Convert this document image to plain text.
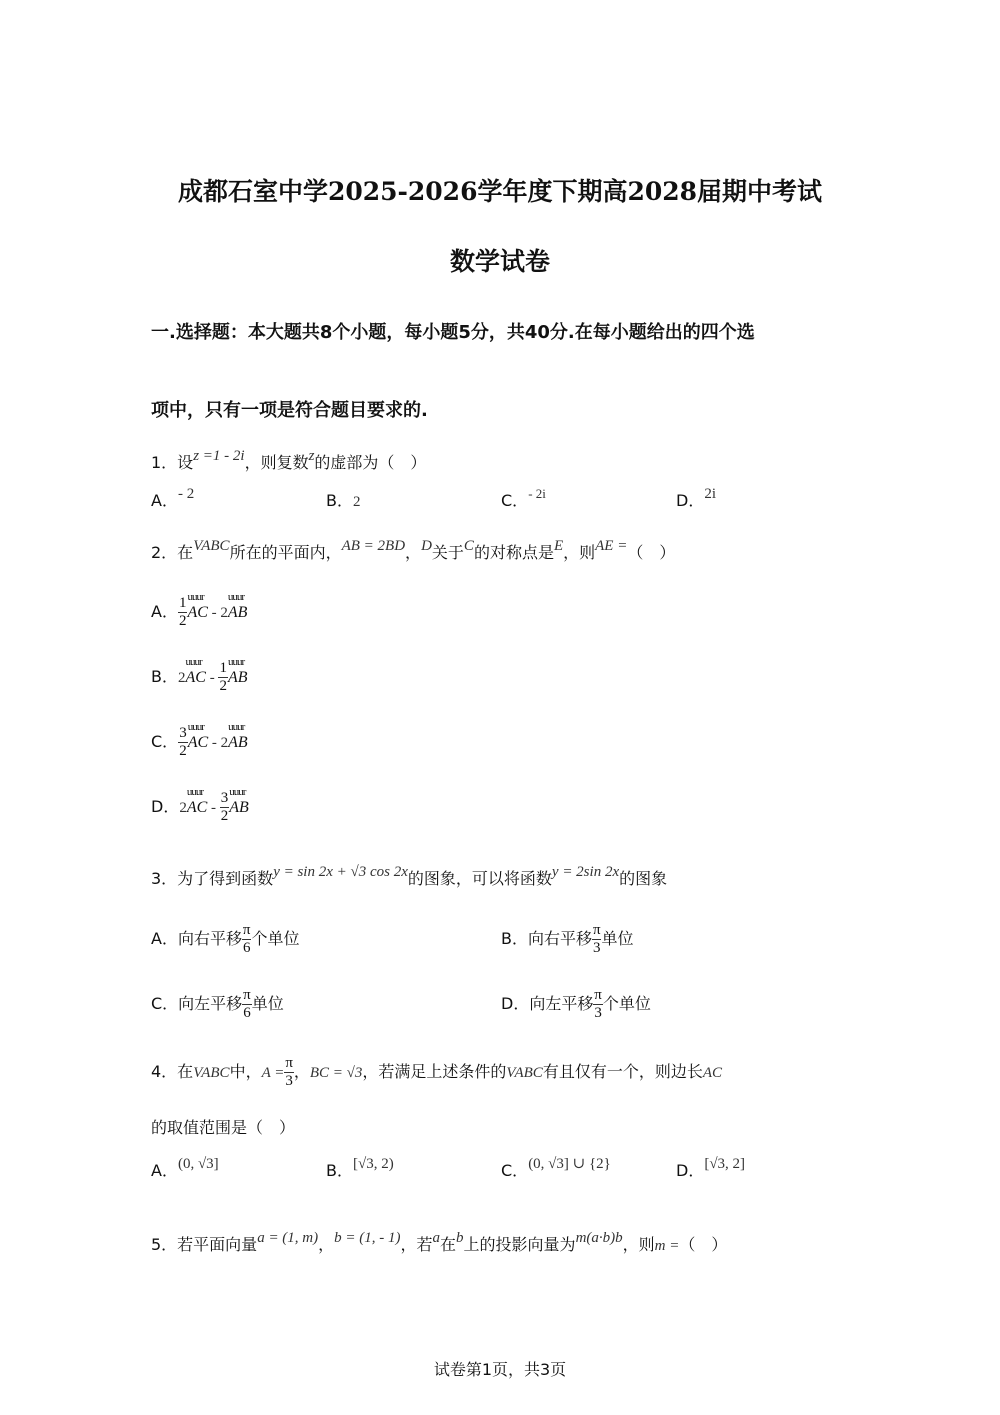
成都石室中学2025-2026学年度下期高2028届期中考试
数学试卷
一.选择题：本大题共8个小题，每小题5分，共40分.在每小题给出的四个选
项中，只有一项是符合题目要求的.
1．设z =1 - 2i，则复数z的虚部为（　）
A．- 2	B．2	C．$^{- 2i}$	D．2i
2．在VABC所在的平面内，AB = 2BD，D关于C的对称点是E，则AE =（　）
A． $\frac{1}{2}$ uuur
AC - 2
uuur
AB
B．2
uuur
AC - $\frac{1}{2}$ uuur
AB
C． $\frac{3}{2}$ uuur
AC - 2
uuur
AB
D．2
uuur
AC - $\frac{3}{2}$ uuur
AB
3．为了得到函数y = sin 2x + √3 cos 2x的图象，可以将函数y = 2sin 2x的图象
A．向右平移 $\frac{\pi}{6}$ 个单位	B．向右平移 $\frac{\pi}{3}$ 单位
C．向左平移 $\frac{\pi}{6}$ 单位	D．向左平移 $\frac{\pi}{3}$ 个单位
4．在VABC中，$A = \frac{\pi}{3}$ ，BC = √3，若满足上述条件的VABC有且仅有一个，则边长AC
的取值范围是（　）
A．(0, √3]	B．[√3, 2)	C．(0, √3] ∪ {2}	D．[√3, 2]
5．若平面向量a = (1, m)，b = (1, - 1)，若a在b上的投影向量为m(a·b)b，则m =（　）
试卷第1页，共3页
